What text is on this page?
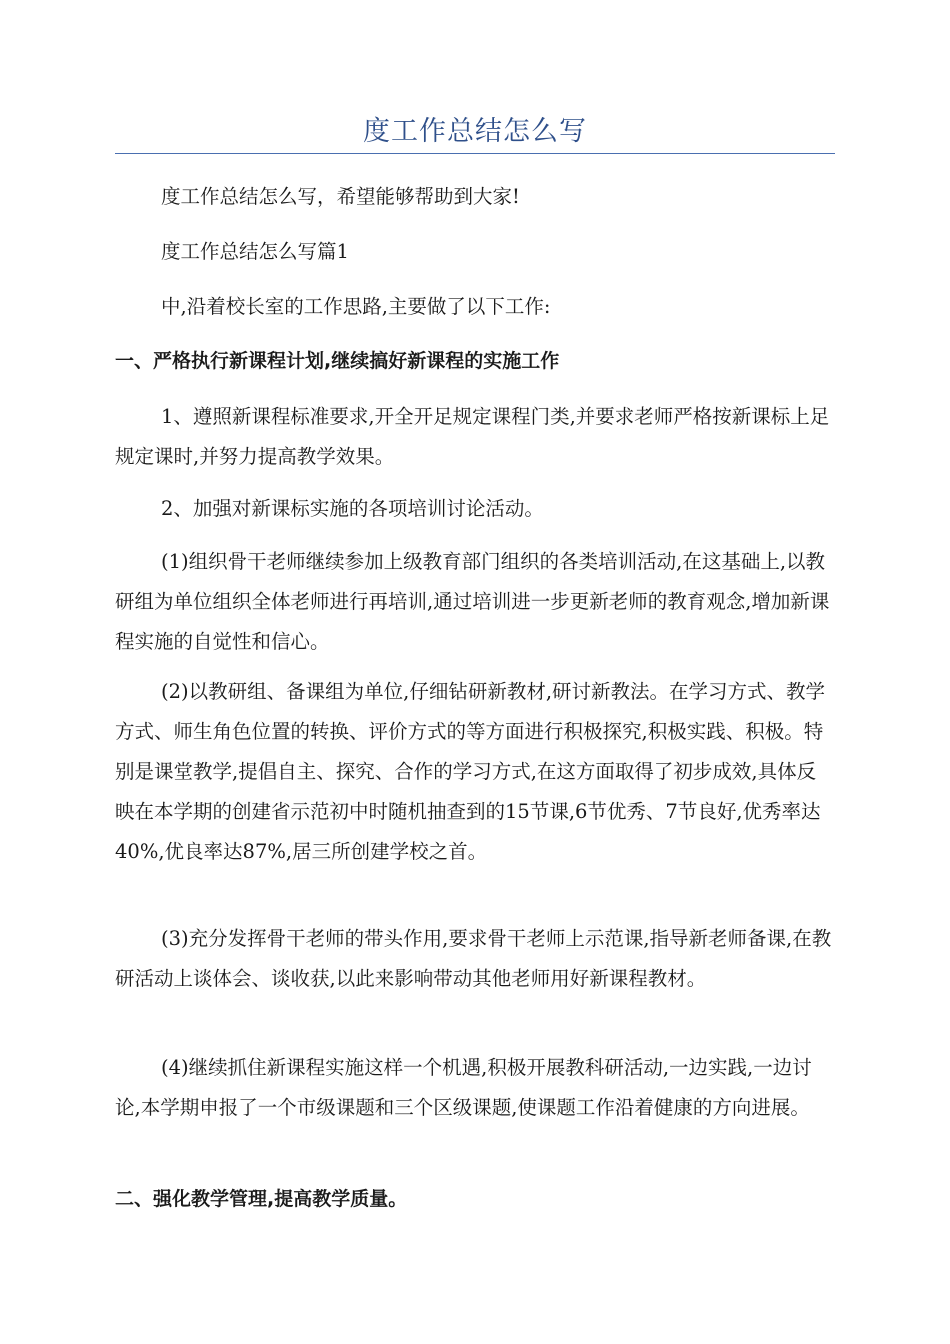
度工作总结怎么写

度工作总结怎么写，希望能够帮助到大家!

度工作总结怎么写篇1

中,沿着校长室的工作思路,主要做了以下工作:

一、严格执行新课程计划,继续搞好新课程的实施工作

1、遵照新课程标准要求,开全开足规定课程门类,并要求老师严格按新课标上足规定课时,并努力提高教学效果。

2、加强对新课标实施的各项培训讨论活动。

(1)组织骨干老师继续参加上级教育部门组织的各类培训活动,在这基础上,以教研组为单位组织全体老师进行再培训,通过培训进一步更新老师的教育观念,增加新课程实施的自觉性和信心。

(2)以教研组、备课组为单位,仔细钻研新教材,研讨新教法。在学习方式、教学方式、师生角色位置的转换、评价方式的等方面进行积极探究,积极实践、积极。特别是课堂教学,提倡自主、探究、合作的学习方式,在这方面取得了初步成效,具体反映在本学期的创建省示范初中时随机抽查到的15节课,6节优秀、7节良好,优秀率达40%,优良率达87%,居三所创建学校之首。

(3)充分发挥骨干老师的带头作用,要求骨干老师上示范课,指导新老师备课,在教研活动上谈体会、谈收获,以此来影响带动其他老师用好新课程教材。

(4)继续抓住新课程实施这样一个机遇,积极开展教科研活动,一边实践,一边讨论,本学期申报了一个市级课题和三个区级课题,使课题工作沿着健康的方向进展。

二、强化教学管理,提高教学质量。
